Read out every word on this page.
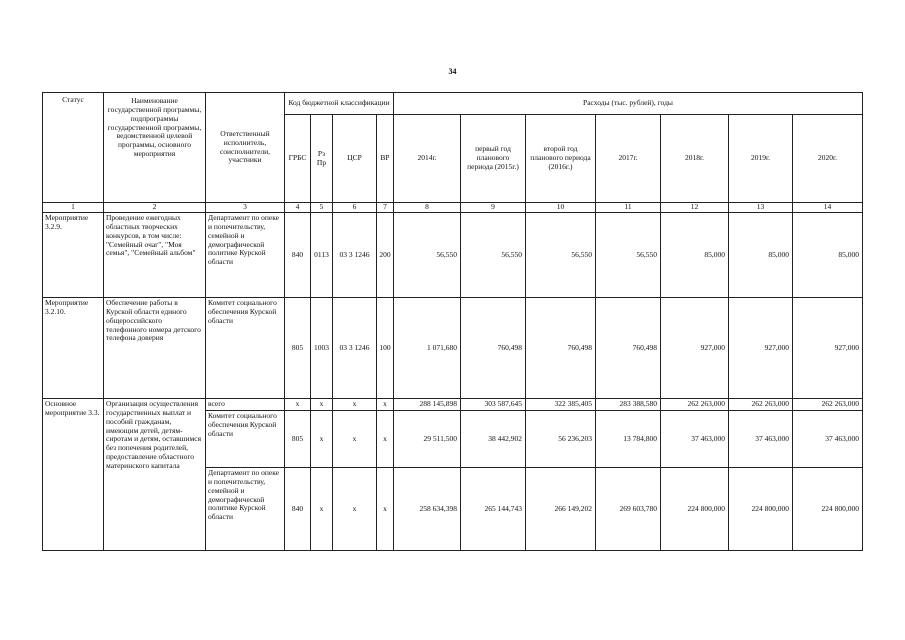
34
Статус	Наименование государственной программы, подпрограммы государственной программы, ведомственной целевой программы, основного мероприятия	Ответственный исполнитель, соисполнители, участники	Код бюджетной классификации				Расходы (тыс. рублей), годы						
			ГРБС	Рз Пр	ЦСР	ВР	2014г.	первый год планового периода (2015г.)	второй год планового периода (2016г.)	2017г.	2018г.	2019г.	2020г.
1	2	3	4	5	6	7	8	9	10	11	12	13	14
Мероприятие 3.2.9.	Проведение ежегодных областных творческих конкурсов, в том числе: "Семейный очаг", "Моя семья", "Семейный альбом"	Департамент по опеке и попечительству, семейной и демографической политике Курской области	840	0113	03 3 1246	200	56,550	56,550	56,550	56,550	85,000	85,000	85,000
Мероприятие 3.2.10.	Обеспечение работы в Курской области единого общероссийского телефонного номера детского телефона доверия	Комитет социального обеспечения Курской области	805	1003	03 3 1246	100	1 071,680	760,498	760,498	760,498	927,000	927,000	927,000
Основное мероприятие 3.3.	Организация осуществления государственных выплат и пособий гражданам, имеющим детей, детям-сиротам и детям, оставшимся без попечения родителей, предоставление областного материнского капитала	всего	х	х	х	х	288 145,898	303 587,645	322 385,405	283 388,580	262 263,000	262 263,000	262 263,000
		Комитет социального обеспечения Курской области	805	х	х	х	29 511,500	38 442,902	56 236,203	13 784,800	37 463,000	37 463,000	37 463,000
		Департамент по опеке и попечительству, семейной и демографической политике Курской области	840	х	х	х	258 634,398	265 144,743	266 149,202	269 603,780	224 800,000	224 800,000	224 800,000
